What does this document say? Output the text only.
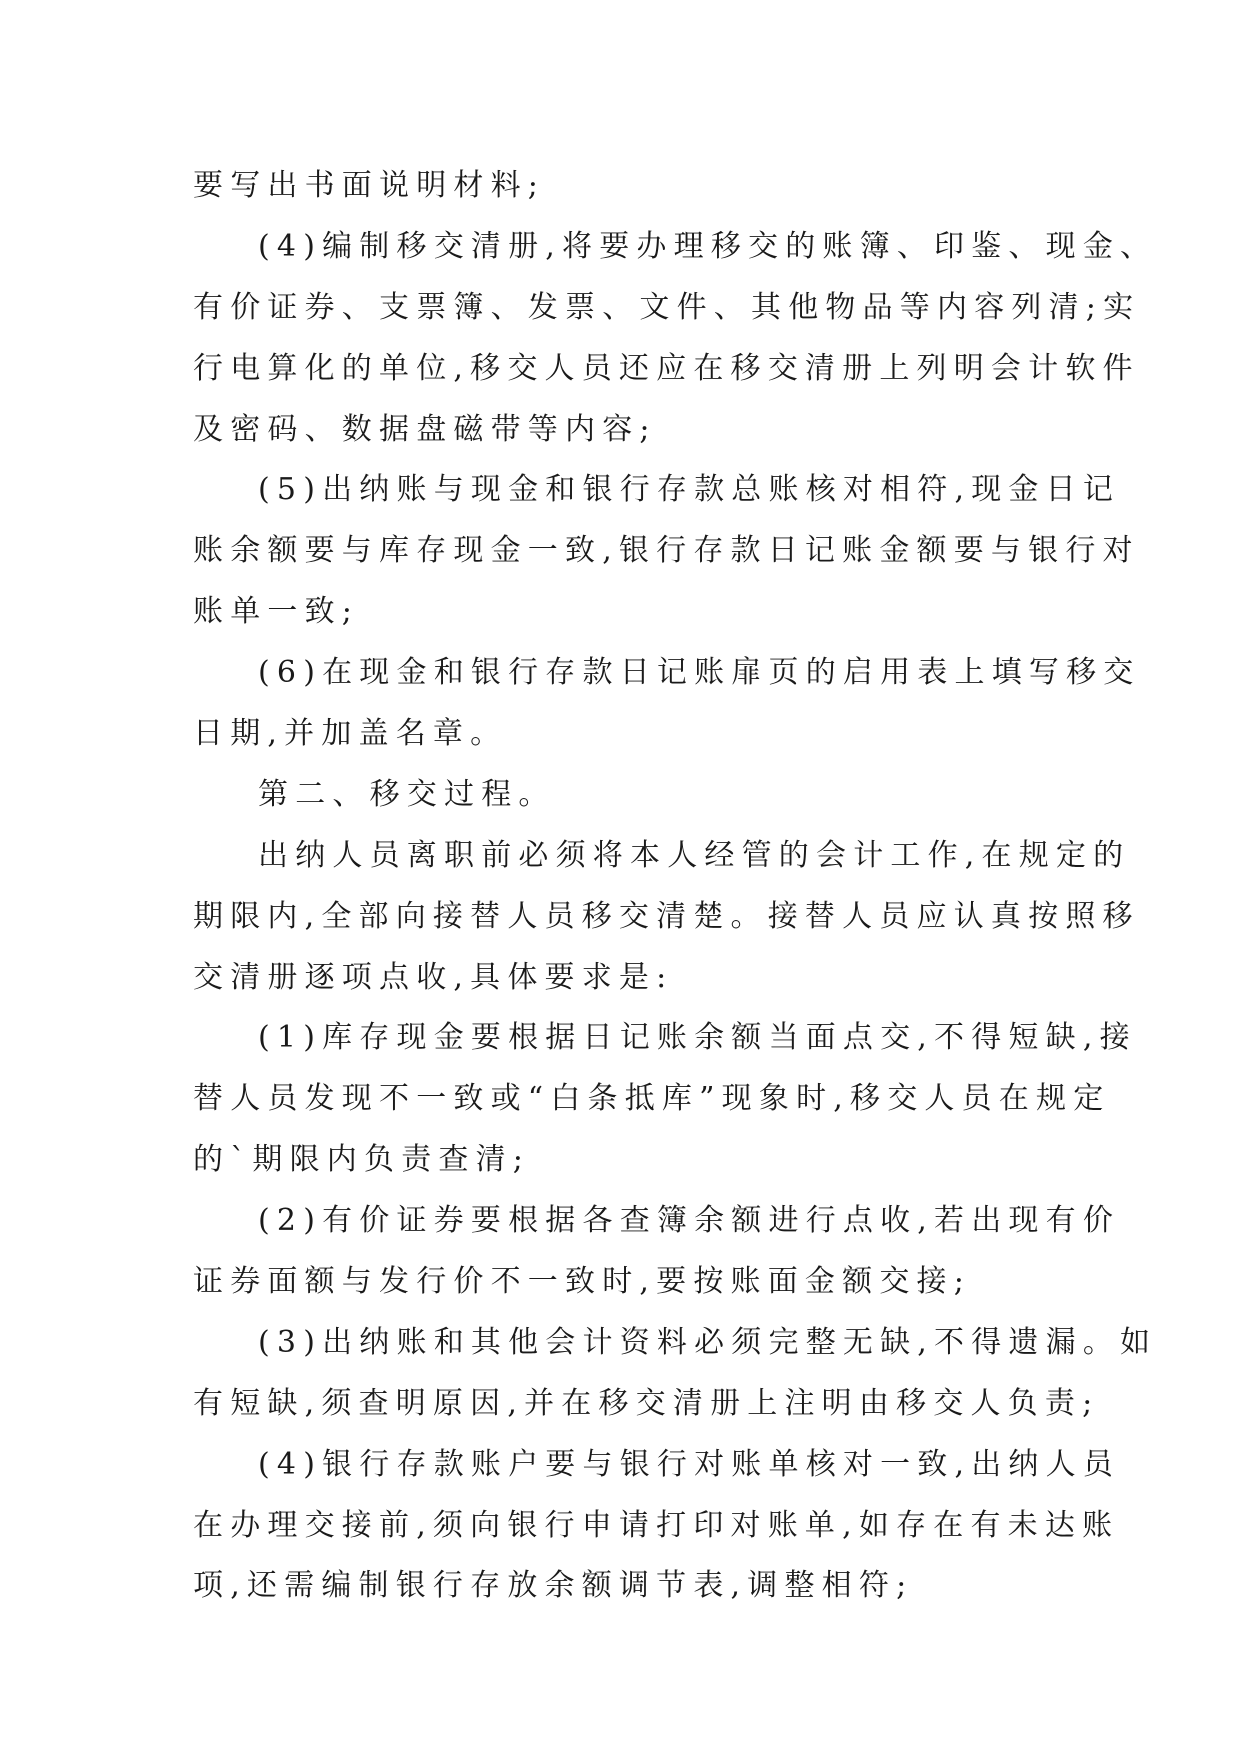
要写出书面说明材料;
(4)编制移交清册,将要办理移交的账簿、印鉴、现金、
有价证券、支票簿、发票、文件、其他物品等内容列清;实
行电算化的单位,移交人员还应在移交清册上列明会计软件
及密码、数据盘磁带等内容;
(5)出纳账与现金和银行存款总账核对相符,现金日记
账余额要与库存现金一致,银行存款日记账金额要与银行对
账单一致;
(6)在现金和银行存款日记账扉页的启用表上填写移交
日期,并加盖名章。
第二、移交过程。
出纳人员离职前必须将本人经管的会计工作,在规定的
期限内,全部向接替人员移交清楚。接替人员应认真按照移
交清册逐项点收,具体要求是:
(1)库存现金要根据日记账余额当面点交,不得短缺,接
替人员发现不一致或“白条抵库”现象时,移交人员在规定
的`期限内负责查清;
(2)有价证券要根据各查簿余额进行点收,若出现有价
证券面额与发行价不一致时,要按账面金额交接;
(3)出纳账和其他会计资料必须完整无缺,不得遗漏。如
有短缺,须查明原因,并在移交清册上注明由移交人负责;
(4)银行存款账户要与银行对账单核对一致,出纳人员
在办理交接前,须向银行申请打印对账单,如存在有未达账
项,还需编制银行存放余额调节表,调整相符;
